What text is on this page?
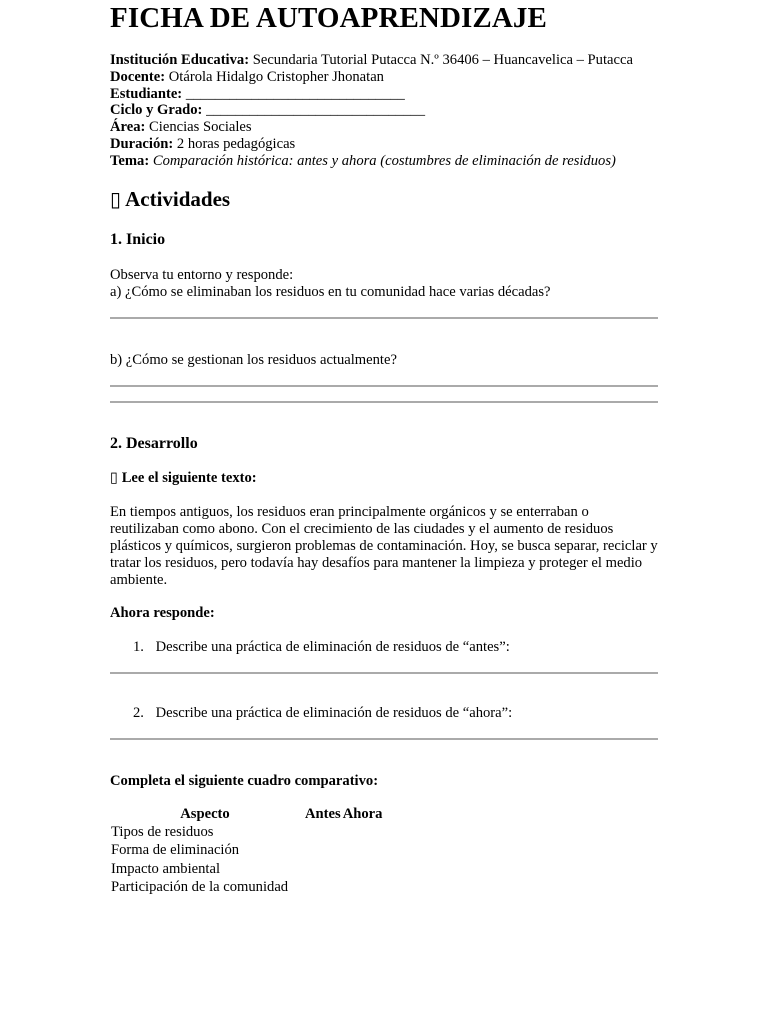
FICHA DE AUTOAPRENDIZAJE
Institución Educativa: Secundaria Tutorial Putacca N.º 36406 – Huancavelica – Putacca
Docente: Otárola Hidalgo Cristopher Jhonatan
Estudiante: ______________________________
Ciclo y Grado: ______________________________
Área: Ciencias Sociales
Duración: 2 horas pedagógicas
Tema: Comparación histórica: antes y ahora (costumbres de eliminación de residuos)
▯ Actividades
1. Inicio

Observa tu entorno y responde:

a) ¿Cómo se eliminaban los residuos en tu comunidad hace varias décadas?

b) ¿Cómo se gestionan los residuos actualmente?

2. Desarrollo

▯ Lee el siguiente texto:

En tiempos antiguos, los residuos eran principalmente orgánicos y se enterraban o reutilizaban como abono. Con el crecimiento de las ciudades y el aumento de residuos plásticos y químicos, surgieron problemas de contaminación. Hoy, se busca separar, reciclar y tratar los residuos, pero todavía hay desafíos para mantener la limpieza y proteger el medio ambiente.

Ahora responde:

1. Describe una práctica de eliminación de residuos de “antes”:
2. Describe una práctica de eliminación de residuos de “ahora”:

Completa el siguiente cuadro comparativo:

Aspecto	Antes	Ahora
Tipos de residuos		
Forma de eliminación		
Impacto ambiental		
Participación de la comunidad		
